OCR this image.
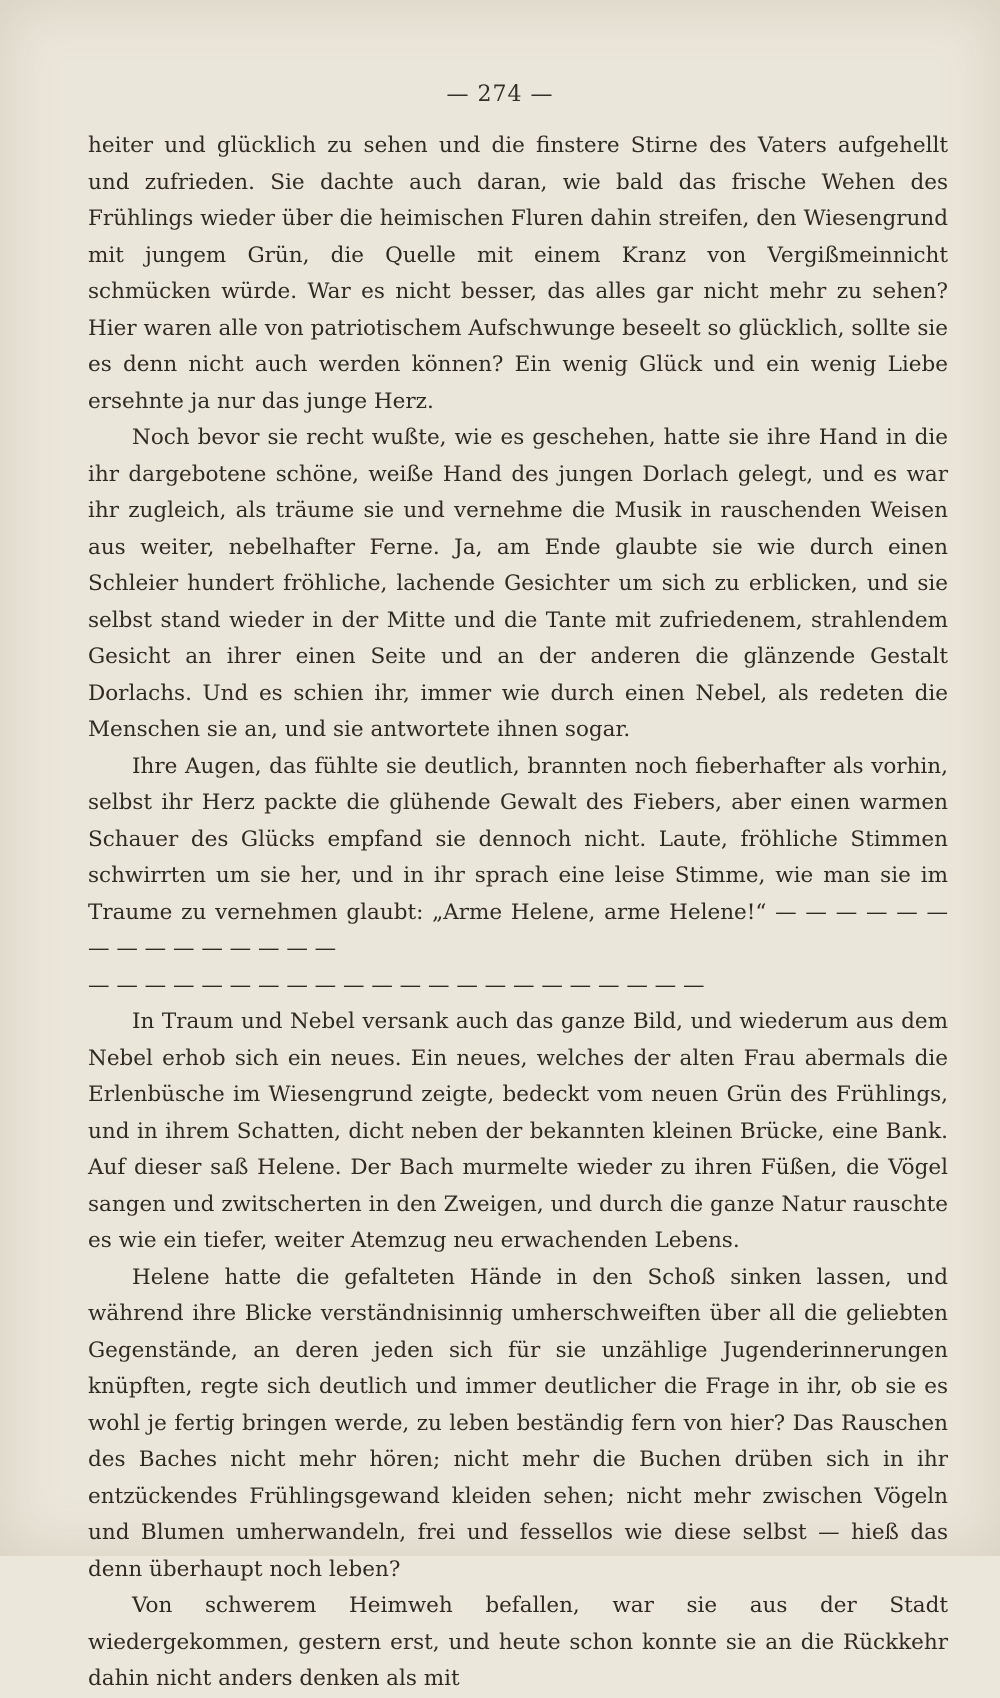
— 274 —

heiter und glücklich zu sehen und die finstere Stirne des Vaters aufgehellt und zufrieden. Sie dachte auch daran, wie bald das frische Wehen des Frühlings wieder über die heimischen Fluren dahin streifen, den Wiesengrund mit jungem Grün, die Quelle mit einem Kranz von Vergißmeinnicht schmücken würde. War es nicht besser, das alles gar nicht mehr zu sehen? Hier waren alle von patriotischem Aufschwunge beseelt so glücklich, sollte sie es denn nicht auch werden können? Ein wenig Glück und ein wenig Liebe ersehnte ja nur das junge Herz.

Noch bevor sie recht wußte, wie es geschehen, hatte sie ihre Hand in die ihr dargebotene schöne, weiße Hand des jungen Dorlach gelegt, und es war ihr zugleich, als träume sie und vernehme die Musik in rauschenden Weisen aus weiter, nebelhafter Ferne. Ja, am Ende glaubte sie wie durch einen Schleier hundert fröhliche, lachende Gesichter um sich zu erblicken, und sie selbst stand wieder in der Mitte und die Tante mit zufriedenem, strahlendem Gesicht an ihrer einen Seite und an der anderen die glänzende Gestalt Dorlachs. Und es schien ihr, immer wie durch einen Nebel, als redeten die Menschen sie an, und sie antwortete ihnen sogar.

Ihre Augen, das fühlte sie deutlich, brannten noch fieberhafter als vorhin, selbst ihr Herz packte die glühende Gewalt des Fiebers, aber einen warmen Schauer des Glücks empfand sie dennoch nicht. Laute, fröhliche Stimmen schwirrten um sie her, und in ihr sprach eine leise Stimme, wie man sie im Traume zu vernehmen glaubt: „Arme Helene, arme Helene!“ — — — — — — — — — — — — — — —

— — — — — — — — — — — — — — — — — — — — — —

In Traum und Nebel versank auch das ganze Bild, und wiederum aus dem Nebel erhob sich ein neues. Ein neues, welches der alten Frau abermals die Erlenbüsche im Wiesengrund zeigte, bedeckt vom neuen Grün des Frühlings, und in ihrem Schatten, dicht neben der bekannten kleinen Brücke, eine Bank. Auf dieser saß Helene. Der Bach murmelte wieder zu ihren Füßen, die Vögel sangen und zwitscherten in den Zweigen, und durch die ganze Natur rauschte es wie ein tiefer, weiter Atemzug neu erwachenden Lebens.

Helene hatte die gefalteten Hände in den Schoß sinken lassen, und während ihre Blicke verständnisinnig umherschweiften über all die geliebten Gegenstände, an deren jeden sich für sie unzählige Jugenderinnerungen knüpften, regte sich deutlich und immer deutlicher die Frage in ihr, ob sie es wohl je fertig bringen werde, zu leben beständig fern von hier? Das Rauschen des Baches nicht mehr hören; nicht mehr die Buchen drüben sich in ihr entzückendes Frühlingsgewand kleiden sehen; nicht mehr zwischen Vögeln und Blumen umherwandeln, frei und fessellos wie diese selbst — hieß das denn überhaupt noch leben?

Von schwerem Heimweh befallen, war sie aus der Stadt wiedergekommen, gestern erst, und heute schon konnte sie an die Rückkehr dahin nicht anders denken als mit
